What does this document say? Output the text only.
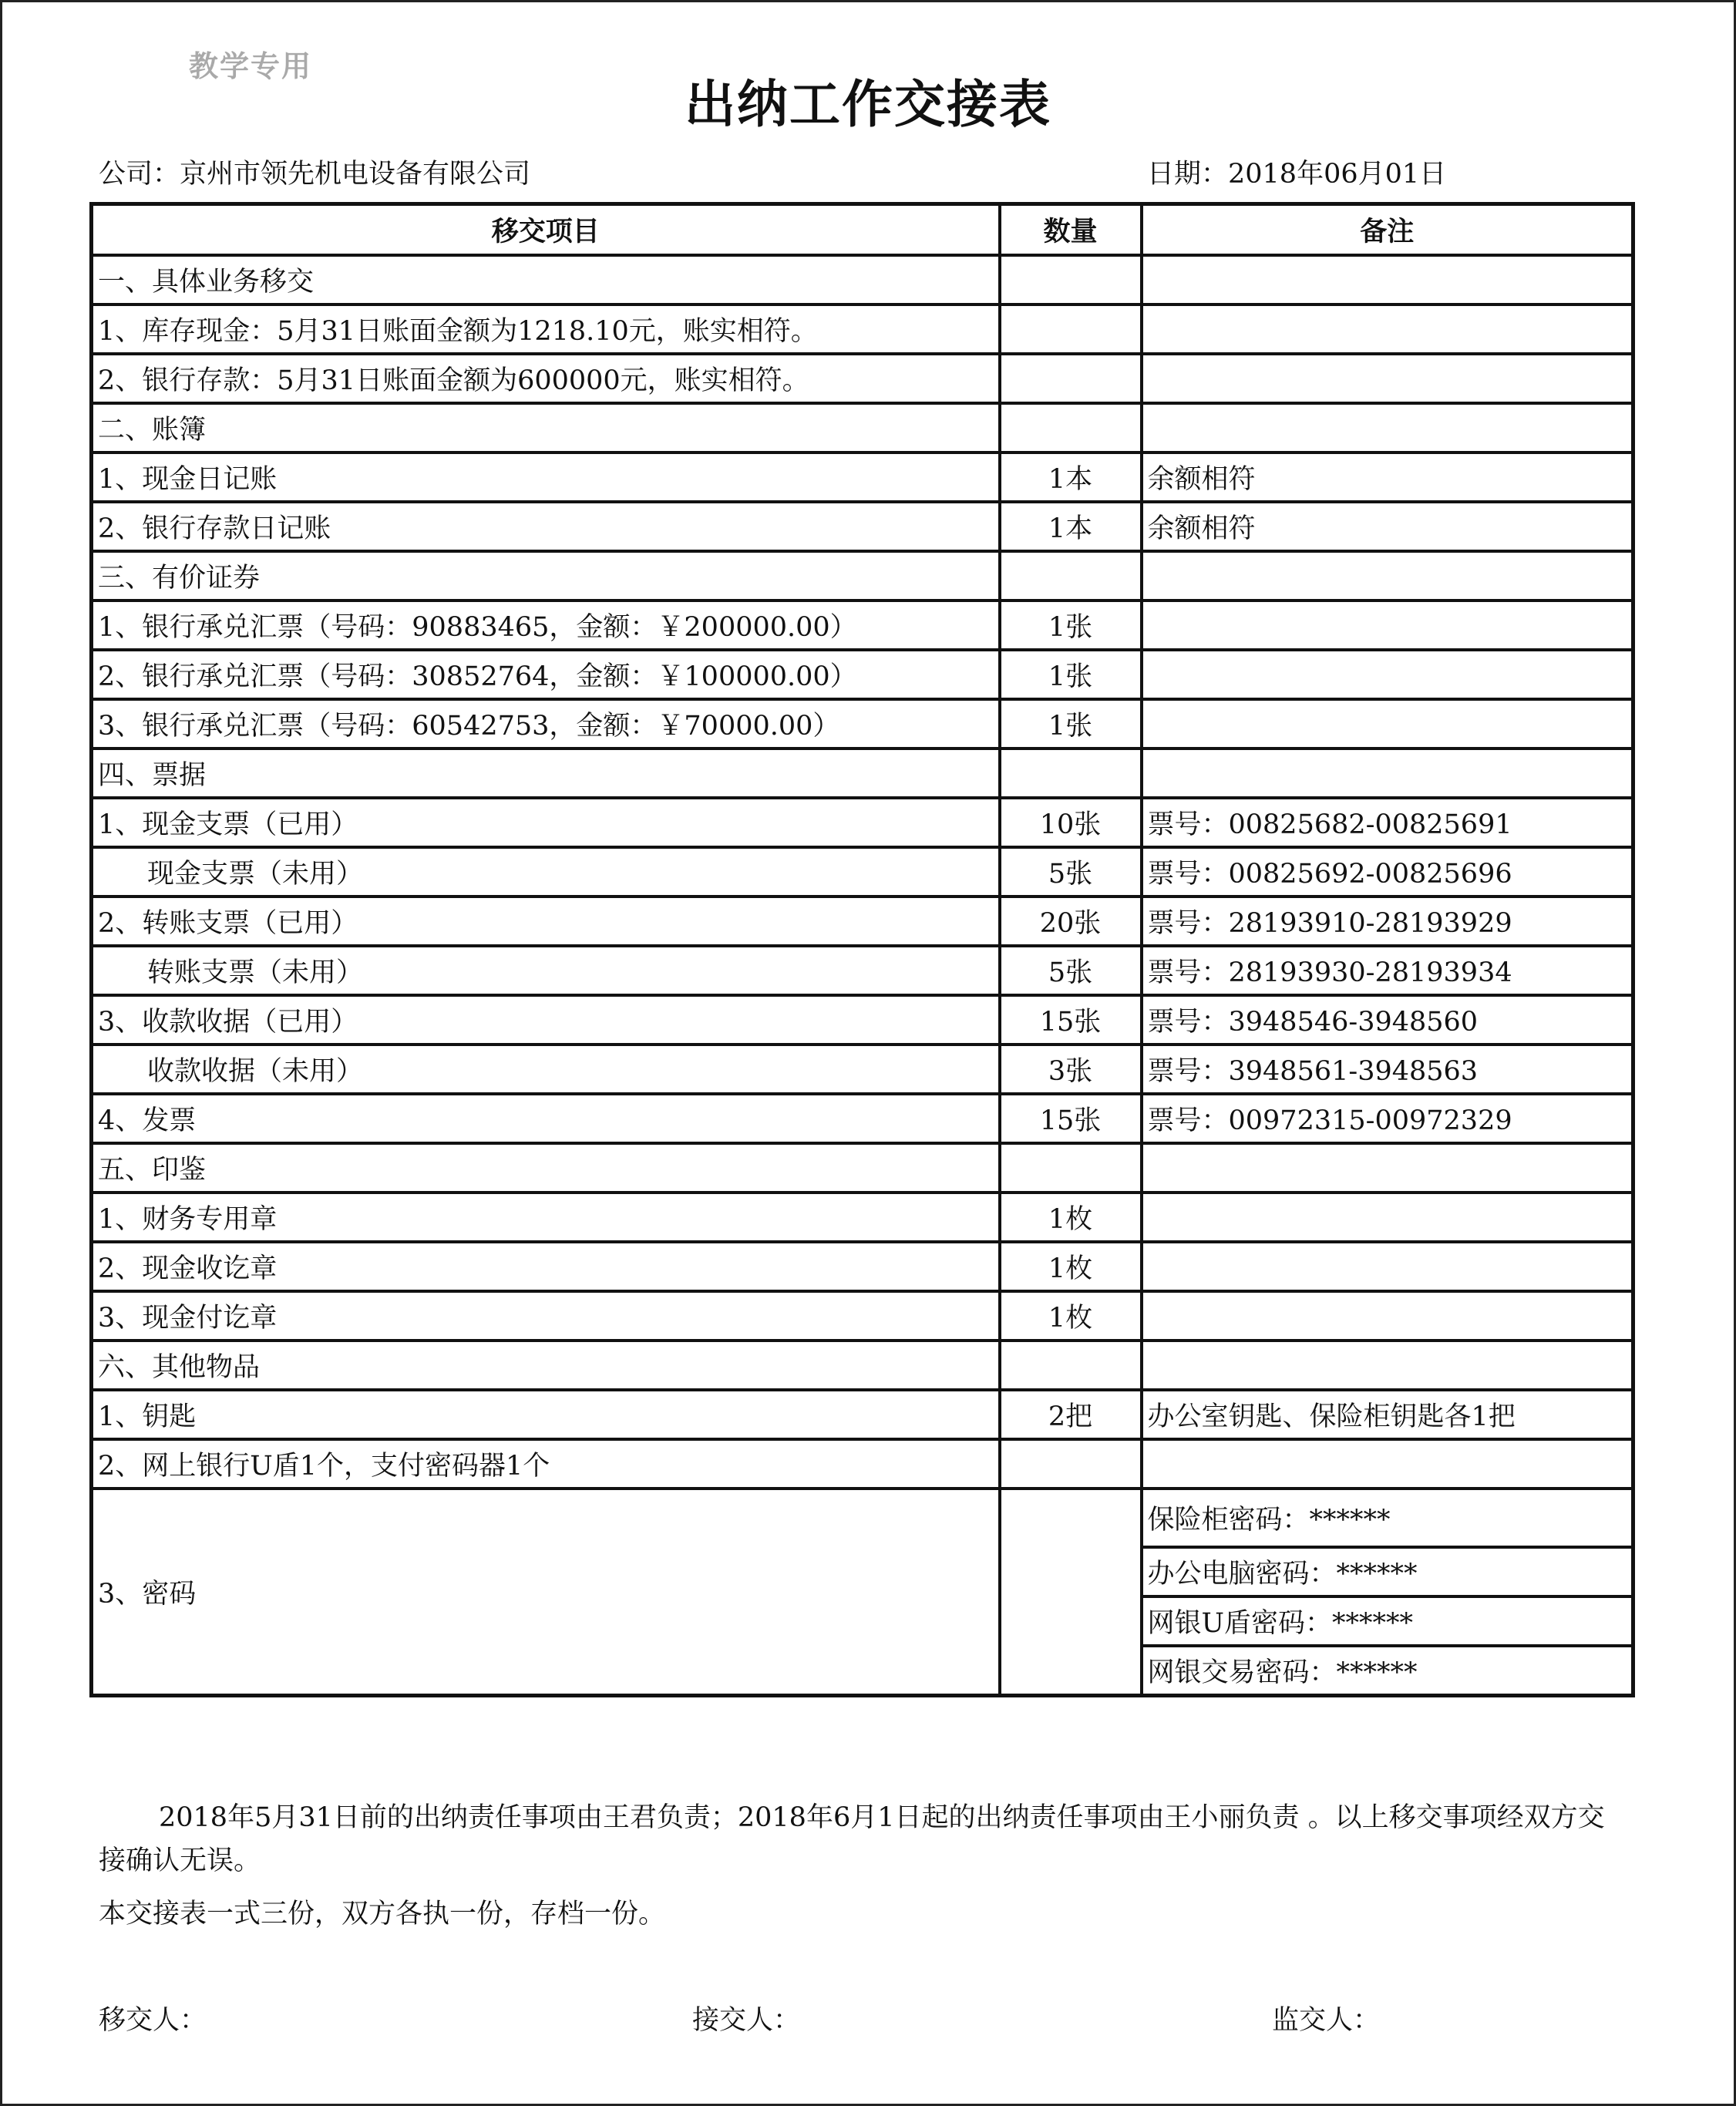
教学专用
出纳工作交接表
公司：京州市领先机电设备有限公司	日期：2018年06月01日
移交项目	数量	备注
一、具体业务移交		
1、库存现金：5月31日账面金额为1218.10元，账实相符。		
2、银行存款：5月31日账面金额为600000元，账实相符。		
二、账簿		
1、现金日记账	1本	余额相符
2、银行存款日记账	1本	余额相符
三、有价证券		
1、银行承兑汇票（号码：90883465，金额：￥200000.00）	1张	
2、银行承兑汇票（号码：30852764，金额：￥100000.00）	1张	
3、银行承兑汇票（号码：60542753，金额：￥70000.00）	1张	
四、票据		
1、现金支票（已用）	10张	票号：00825682-00825691
现金支票（未用）	5张	票号：00825692-00825696
2、转账支票（已用）	20张	票号：28193910-28193929
转账支票（未用）	5张	票号：28193930-28193934
3、收款收据（已用）	15张	票号：3948546-3948560
收款收据（未用）	3张	票号：3948561-3948563
4、发票	15张	票号：00972315-00972329
五、印鉴		
1、财务专用章	1枚	
2、现金收讫章	1枚	
3、现金付讫章	1枚	
六、其他物品		
1、钥匙	2把	办公室钥匙、保险柜钥匙各1把
2、网上银行U盾1个，支付密码器1个		
3、密码		保险柜密码：******
		办公电脑密码：******
		网银U盾密码：******
		网银交易密码：******
2018年5月31日前的出纳责任事项由王君负责；2018年6月1日起的出纳责任事项由王小丽负责 。以上移交事项经双方交接确认无误。
本交接表一式三份，双方各执一份，存档一份。
移交人：	接交人：	监交人：
